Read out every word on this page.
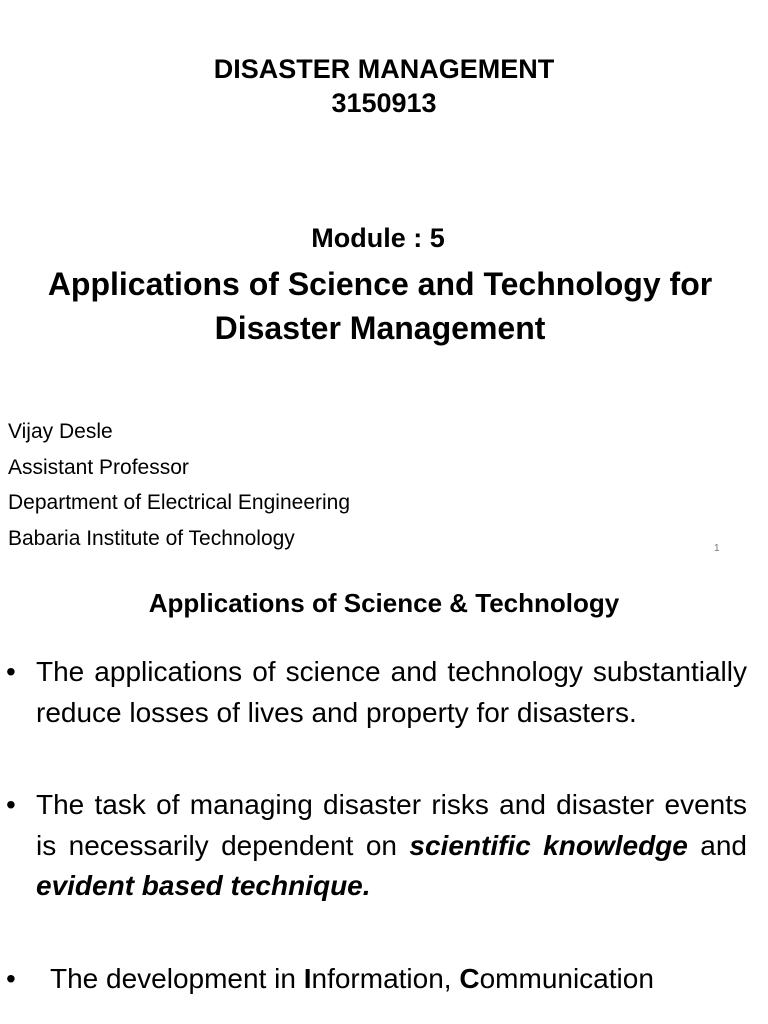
DISASTER MANAGEMENT
3150913
Module : 5
Applications of Science and Technology for
Disaster Management
Vijay Desle
Assistant Professor
Department of Electrical Engineering
Babaria Institute of Technology	1
Applications of Science & Technology
• The applications of science and technology substantially reduce losses of lives and property for disasters.
• The task of managing disaster risks and disaster events is necessarily dependent on scientific knowledge and evident based technique.
• The development in Information, Communication
